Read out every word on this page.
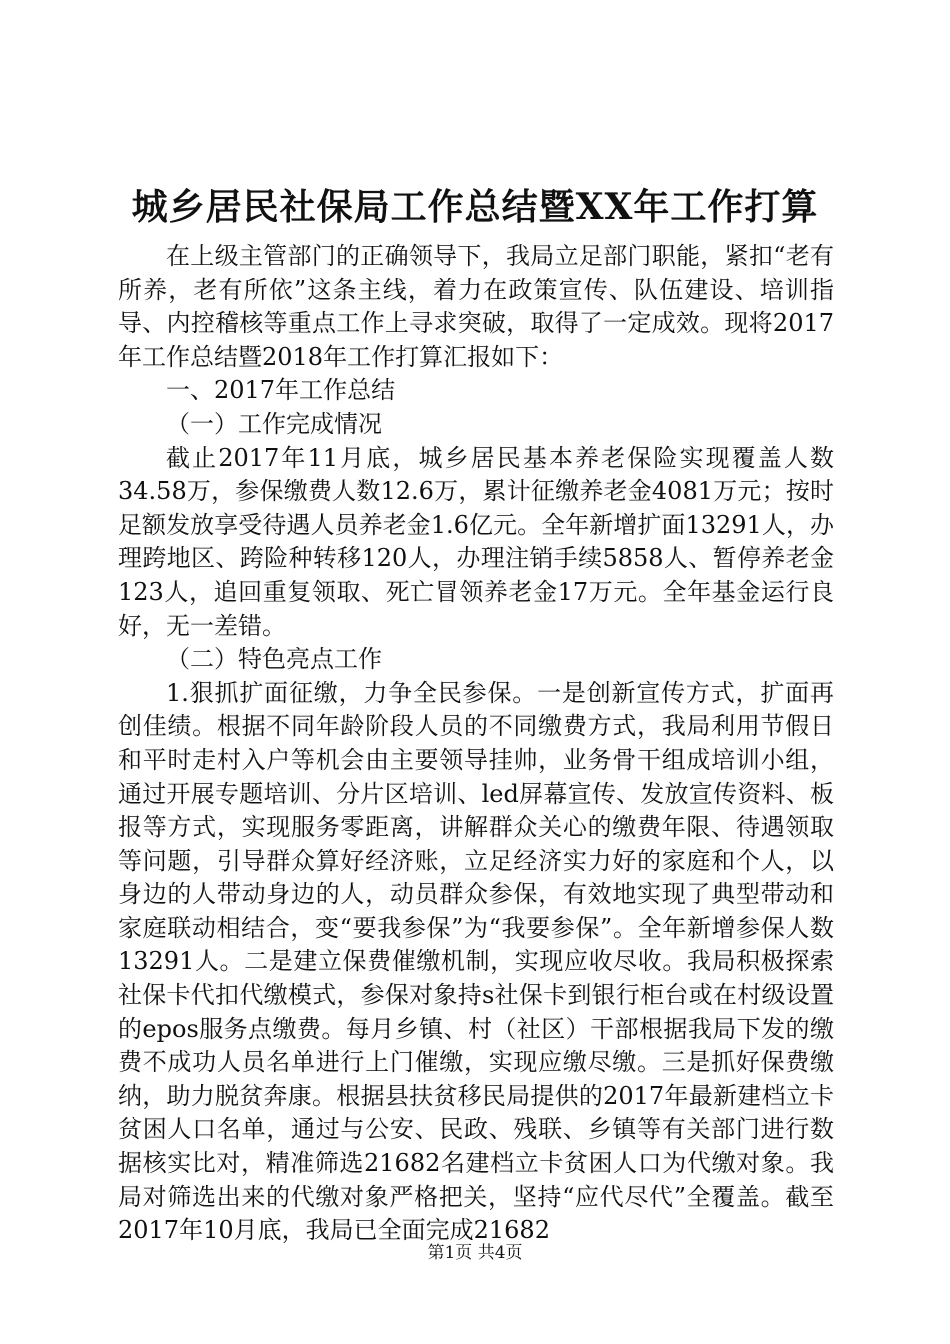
城乡居民社保局工作总结暨XX年工作打算

在上级主管部门的正确领导下，我局立足部门职能，紧扣“老有所养，老有所依”这条主线，着力在政策宣传、队伍建设、培训指导、内控稽核等重点工作上寻求突破，取得了一定成效。现将2017年工作总结暨2018年工作打算汇报如下：

一、2017年工作总结

（一）工作完成情况

截止2017年11月底，城乡居民基本养老保险实现覆盖人数34.58万，参保缴费人数12.6万，累计征缴养老金4081万元；按时足额发放享受待遇人员养老金1.6亿元。全年新增扩面13291人，办理跨地区、跨险种转移120人，办理注销手续5858人、暂停养老金123人，追回重复领取、死亡冒领养老金17万元。全年基金运行良好，无一差错。

（二）特色亮点工作

1.狠抓扩面征缴，力争全民参保。一是创新宣传方式，扩面再创佳绩。根据不同年龄阶段人员的不同缴费方式，我局利用节假日和平时走村入户等机会由主要领导挂帅，业务骨干组成培训小组，通过开展专题培训、分片区培训、led屏幕宣传、发放宣传资料、板报等方式，实现服务零距离，讲解群众关心的缴费年限、待遇领取等问题，引导群众算好经济账，立足经济实力好的家庭和个人，以身边的人带动身边的人，动员群众参保，有效地实现了典型带动和家庭联动相结合，变“要我参保”为“我要参保”。全年新增参保人数13291人。二是建立保费催缴机制，实现应收尽收。我局积极探索社保卡代扣代缴模式，参保对象持s社保卡到银行柜台或在村级设置的epos服务点缴费。每月乡镇、村（社区）干部根据我局下发的缴费不成功人员名单进行上门催缴，实现应缴尽缴。三是抓好保费缴纳，助力脱贫奔康。根据县扶贫移民局提供的2017年最新建档立卡贫困人口名单，通过与公安、民政、残联、乡镇等有关部门进行数据核实比对，精准筛选21682名建档立卡贫困人口为代缴对象。我局对筛选出来的代缴对象严格把关，坚持“应代尽代”全覆盖。截至2017年10月底，我局已全面完成21682

第1页 共4页
